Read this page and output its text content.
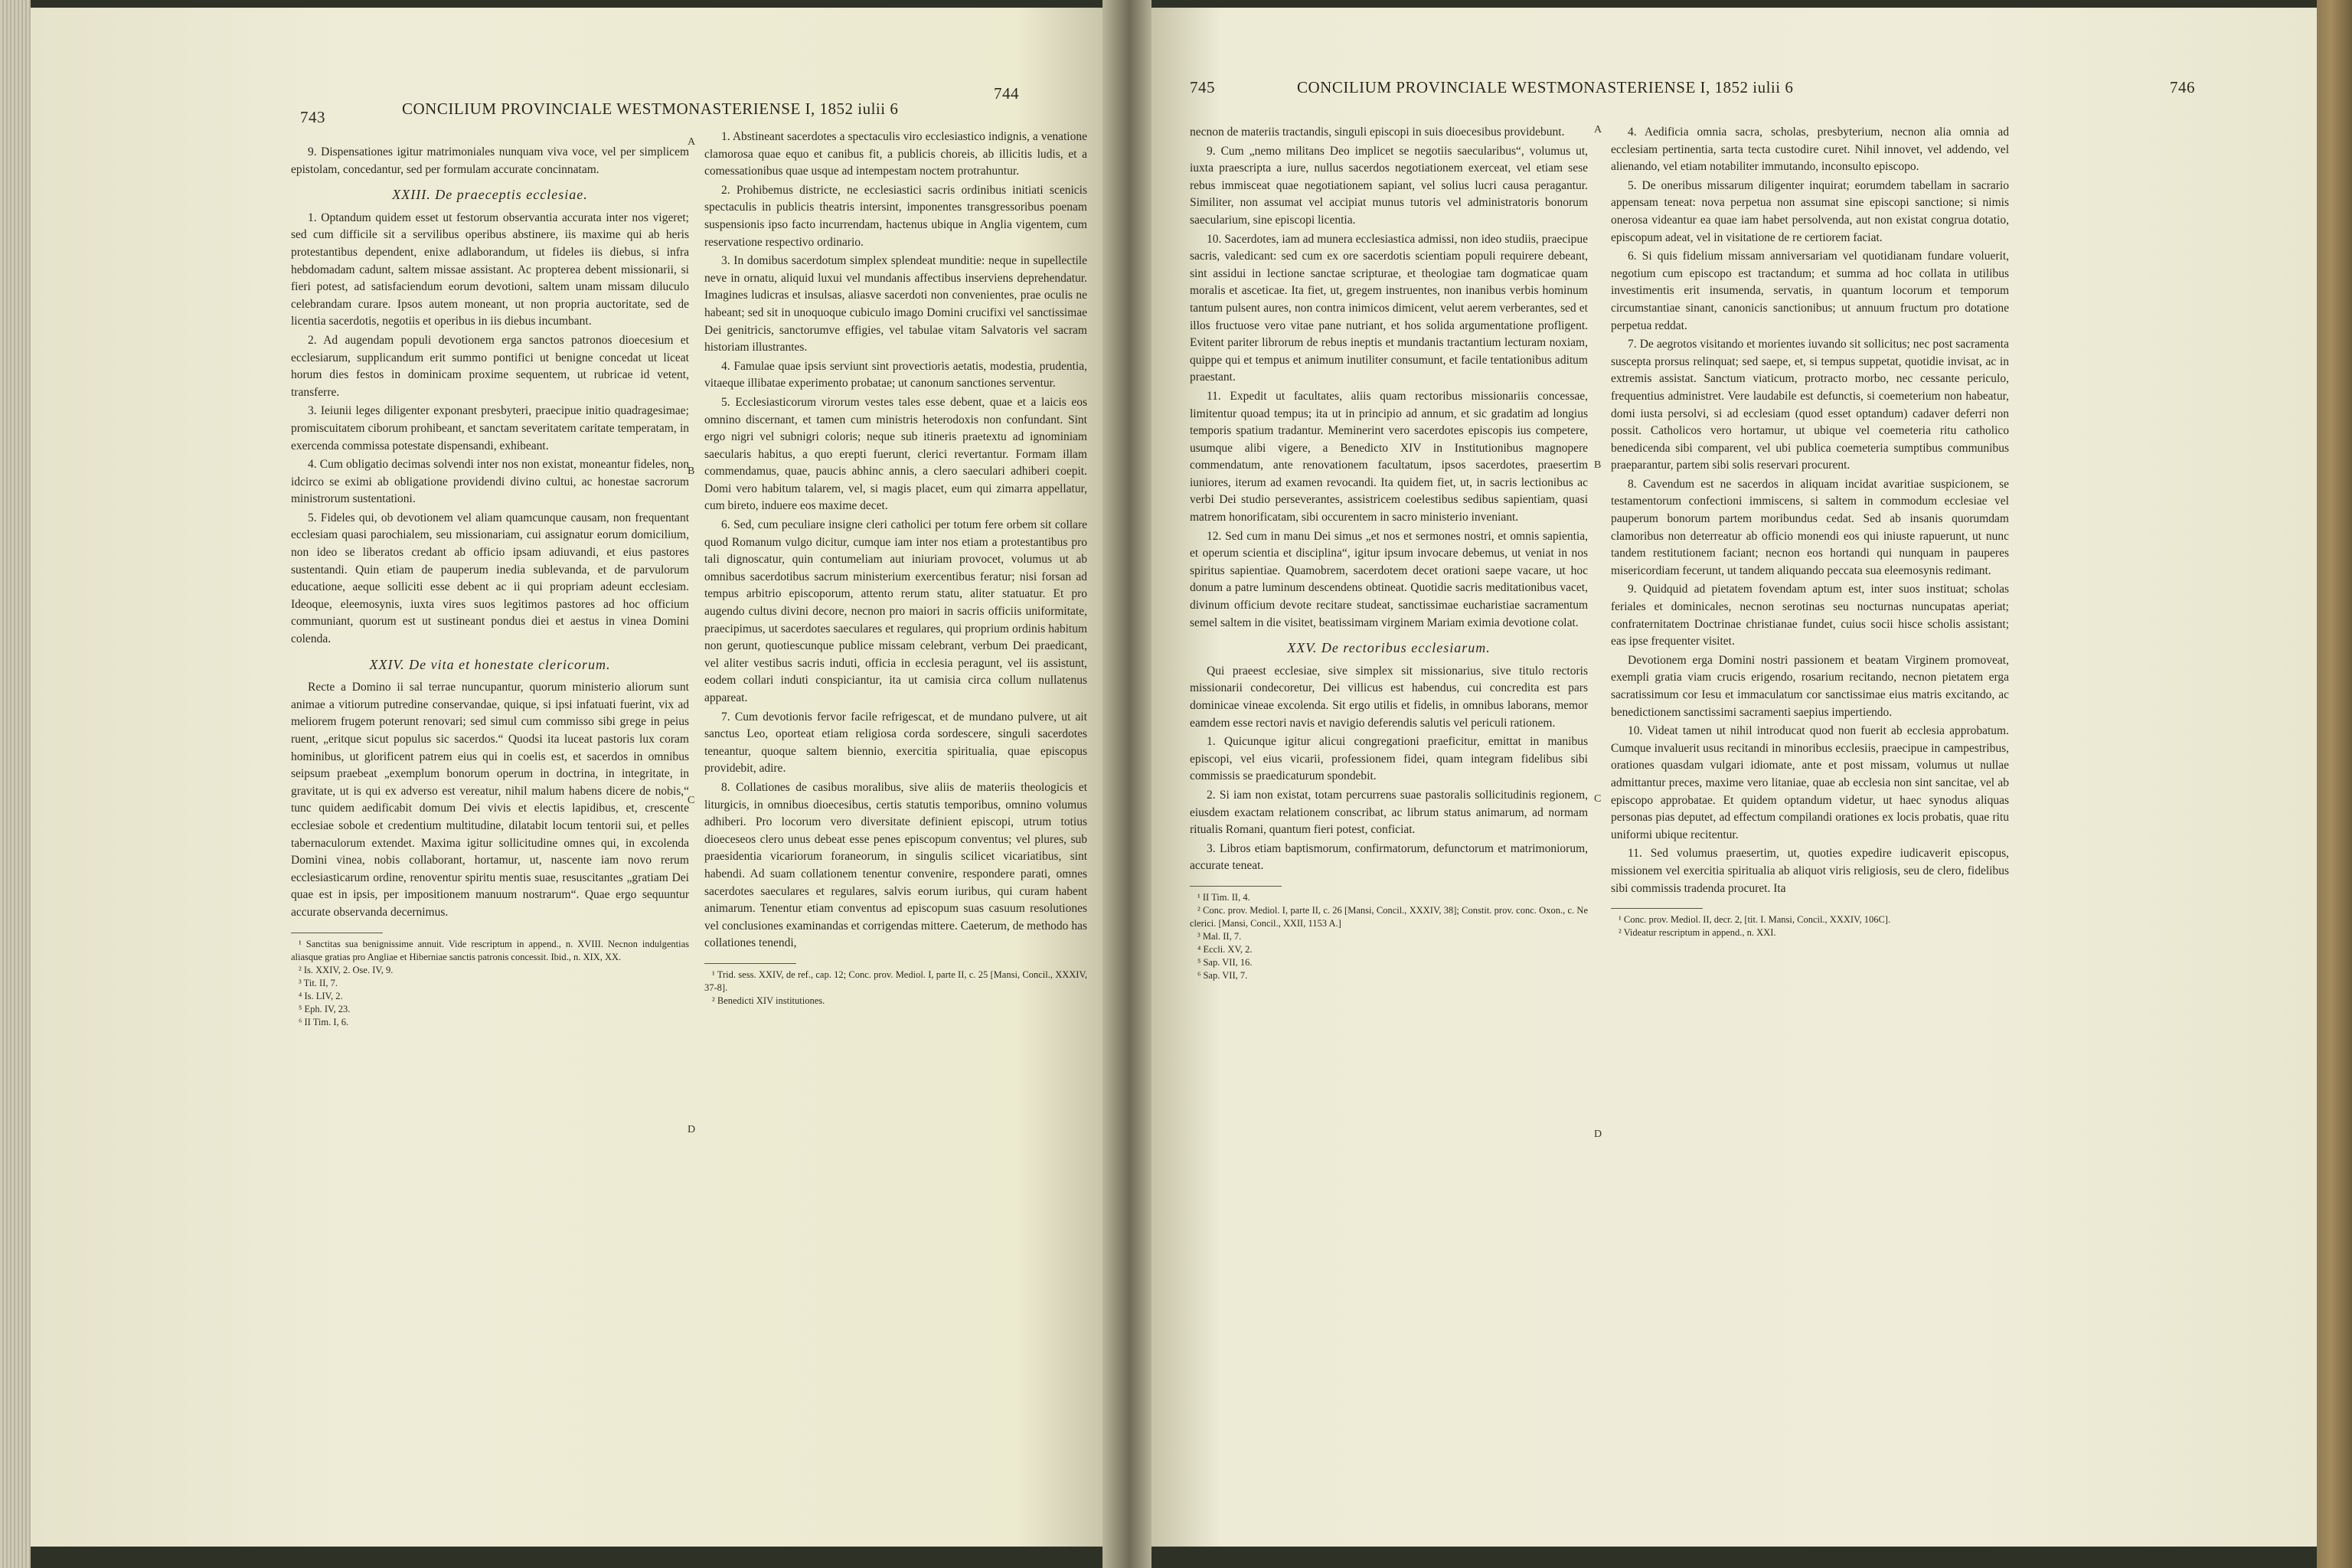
743	CONCILIUM PROVINCIALE WESTMONASTERIENSE I, 1852 iulii 6
744

9. Dispensationes igitur matrimoniales nunquam viva voce, vel per simplicem epistolam, concedantur, sed per formulam accurate concinnatam.

XXIII. De praeceptis ecclesiae.

1. Optandum quidem esset ut festorum observantia accurata inter nos vigeret; sed cum difficile sit a servilibus operibus abstinere, iis maxime qui ab heris protestantibus dependent, enixe adlaborandum, ut fideles iis diebus, si infra hebdomadam cadunt, saltem missae assistant. Ac propterea debent missionarii, si fieri potest, ad satisfaciendum eorum devotioni, saltem unam missam diluculo celebrandam curare. Ipsos autem moneant, ut non propria auctoritate, sed de licentia sacerdotis, negotiis et operibus in iis diebus incumbant.

2. Ad augendam populi devotionem erga sanctos patronos dioecesium et ecclesiarum, supplicandum erit summo pontifici ut benigne concedat ut liceat horum dies festos in dominicam proxime sequentem, ut rubricae id vetent, transferre.

3. Ieiunii leges diligenter exponant presbyteri, praecipue initio quadragesimae; promiscuitatem ciborum prohibeant, et sanctam severitatem caritate temperatam, in exercenda commissa potestate dispensandi, exhibeant.

4. Cum obligatio decimas solvendi inter nos non existat, moneantur fideles, non idcirco se eximi ab obligatione providendi divino cultui, ac honestae sacrorum ministrorum sustentationi.

5. Fideles qui, ob devotionem vel aliam quamcunque causam, non frequentant ecclesiam quasi parochialem, seu missionariam, cui assignatur eorum domicilium, non ideo se liberatos credant ab officio ipsam adiuvandi, et eius pastores sustentandi. Quin etiam de pauperum inedia sublevanda, et de parvulorum educatione, aeque solliciti esse debent ac ii qui propriam adeunt ecclesiam. Ideoque, eleemosynis, iuxta vires suos legitimos pastores ad hoc officium communiant, quorum est ut sustineant pondus diei et aestus in vinea Domini colenda.

XXIV. De vita et honestate clericorum.

Recte a Domino ii sal terrae nuncupantur, quorum ministerio aliorum sunt animae a vitiorum putredine conservandae, quique, si ipsi infatuati fuerint, vix ad meliorem frugem poterunt renovari; sed simul cum commisso sibi grege in peius ruent, „eritque sicut populus sic sacerdos.“ Quodsi ita luceat pastoris lux coram hominibus, ut glorificent patrem eius qui in coelis est, et sacerdos in omnibus seipsum praebeat „exemplum bonorum operum in doctrina, in integritate, in gravitate, ut is qui ex adverso est vereatur, nihil malum habens dicere de nobis,“ tunc quidem aedificabit domum Dei vivis et electis lapidibus, et, crescente ecclesiae sobole et credentium multitudine, dilatabit locum tentorii sui, et pelles tabernaculorum extendet. Maxima igitur sollicitudine omnes qui, in excolenda Domini vinea, nobis collaborant, hortamur, ut, nascente iam novo rerum ecclesiasticarum ordine, renoventur spiritu mentis suae, resuscitantes „gratiam Dei quae est in ipsis, per impositionem manuum nostrarum“. Quae ergo sequuntur accurate observanda decernimus.

¹ Sanctitas sua benignissime annuit. Vide rescriptum in append., n. XVIII. Necnon indulgentias aliasque gratias pro Angliae et Hiberniae sanctis patronis concessit. Ibid., n. XIX, XX.
² Is. XXIV, 2. Ose. IV, 9.
³ Tit. II, 7.
⁴ Is. LIV, 2.
⁵ Eph. IV, 23.
⁶ II Tim. I, 6.

1. Abstineant sacerdotes a spectaculis viro ecclesiastico indignis, a venatione clamorosa quae equo et canibus fit, a publicis choreis, ab illicitis ludis, et a comessationibus quae usque ad intempestam noctem protrahuntur.

2. Prohibemus districte, ne ecclesiastici sacris ordinibus initiati scenicis spectaculis in publicis theatris intersint, imponentes transgressoribus poenam suspensionis ipso facto incurrendam, hactenus ubique in Anglia vigentem, cum reservatione respectivo ordinario.

3. In domibus sacerdotum simplex splendeat munditie: neque in supellectile neve in ornatu, aliquid luxui vel mundanis affectibus inserviens deprehendatur. Imagines ludicras et insulsas, aliasve sacerdoti non convenientes, prae oculis ne habeant; sed sit in unoquoque cubiculo imago Domini crucifixi vel sanctissimae Dei genitricis, sanctorumve effigies, vel tabulae vitam Salvatoris vel sacram historiam illustrantes.

4. Famulae quae ipsis serviunt sint provectioris aetatis, modestia, prudentia, vitaeque illibatae experimento probatae; ut canonum sanctiones serventur.

5. Ecclesiasticorum virorum vestes tales esse debent, quae et a laicis eos omnino discernant, et tamen cum ministris heterodoxis non confundant. Sint ergo nigri vel subnigri coloris; neque sub itineris praetextu ad ignominiam saecularis habitus, a quo erepti fuerunt, clerici revertantur. Formam illam commendamus, quae, paucis abhinc annis, a clero saeculari adhiberi coepit. Domi vero habitum talarem, vel, si magis placet, eum qui zimarra appellatur, cum bireto, induere eos maxime decet.

6. Sed, cum peculiare insigne cleri catholici per totum fere orbem sit collare quod Romanum vulgo dicitur, cumque iam inter nos etiam a protestantibus pro tali dignoscatur, quin contumeliam aut iniuriam provocet, volumus ut ab omnibus sacerdotibus sacrum ministerium exercentibus feratur; nisi forsan ad tempus arbitrio episcoporum, attento rerum statu, aliter statuatur. Et pro augendo cultus divini decore, necnon pro maiori in sacris officiis uniformitate, praecipimus, ut sacerdotes saeculares et regulares, qui proprium ordinis habitum non gerunt, quotiescunque publice missam celebrant, verbum Dei praedicant, vel aliter vestibus sacris induti, officia in ecclesia peragunt, vel iis assistunt, eodem collari induti conspiciantur, ita ut camisia circa collum nullatenus appareat.

7. Cum devotionis fervor facile refrigescat, et de mundano pulvere, ut ait sanctus Leo, oporteat etiam religiosa corda sordescere, singuli sacerdotes teneantur, quoque saltem biennio, exercitia spiritualia, quae episcopus providebit, adire.

8. Collationes de casibus moralibus, sive aliis de materiis theologicis et liturgicis, in omnibus dioecesibus, certis statutis temporibus, omnino volumus adhiberi. Pro locorum vero diversitate definient episcopi, utrum totius dioeceseos clero unus debeat esse penes episcopum conventus; vel plures, sub praesidentia vicariorum foraneorum, in singulis scilicet vicariatibus, sint habendi. Ad suam collationem tenentur convenire, respondere parati, omnes sacerdotes saeculares et regulares, salvis eorum iuribus, qui curam habent animarum. Tenentur etiam conventus ad episcopum suas casuum resolutiones vel conclusiones examinandas et corrigendas mittere. Caeterum, de methodo has collationes tenendi,

¹ Trid. sess. XXIV, de ref., cap. 12; Conc. prov. Mediol. I, parte II, c. 25 [Mansi, Concil., XXXIV, 37-8].
² Benedicti XIV institutiones.
A
B
C
D
745	CONCILIUM PROVINCIALE WESTMONASTERIENSE I, 1852 iulii 6	746

necnon de materiis tractandis, singuli episcopi in suis dioecesibus providebunt.

9. Cum „nemo militans Deo implicet se negotiis saecularibus“, volumus ut, iuxta praescripta a iure, nullus sacerdos negotiationem exerceat, vel etiam sese rebus immisceat quae negotiationem sapiant, vel solius lucri causa peragantur. Similiter, non assumat vel accipiat munus tutoris vel administratoris bonorum saecularium, sine episcopi licentia.

10. Sacerdotes, iam ad munera ecclesiastica admissi, non ideo studiis, praecipue sacris, valedicant: sed cum ex ore sacerdotis scientiam populi requirere debeant, sint assidui in lectione sanctae scripturae, et theologiae tam dogmaticae quam moralis et asceticae. Ita fiet, ut, gregem instruentes, non inanibus verbis hominum tantum pulsent aures, non contra inimicos dimicent, velut aerem verberantes, sed et illos fructuose vero vitae pane nutriant, et hos solida argumentatione profligent. Evitent pariter librorum de rebus ineptis et mundanis tractantium lecturam noxiam, quippe qui et tempus et animum inutiliter consumunt, et facile tentationibus aditum praestant.

11. Expedit ut facultates, aliis quam rectoribus missionariis concessae, limitentur quoad tempus; ita ut in principio ad annum, et sic gradatim ad longius temporis spatium tradantur. Meminerint vero sacerdotes episcopis ius competere, usumque alibi vigere, a Benedicto XIV in Institutionibus magnopere commendatum, ante renovationem facultatum, ipsos sacerdotes, praesertim iuniores, iterum ad examen revocandi. Ita quidem fiet, ut, in sacris lectionibus ac verbi Dei studio perseverantes, assistricem coelestibus sedibus sapientiam, quasi matrem honorificatam, sibi occurentem in sacro ministerio inveniant.

12. Sed cum in manu Dei simus „et nos et sermones nostri, et omnis sapientia, et operum scientia et disciplina“, igitur ipsum invocare debemus, ut veniat in nos spiritus sapientiae. Quamobrem, sacerdotem decet orationi saepe vacare, ut hoc donum a patre luminum descendens obtineat. Quotidie sacris meditationibus vacet, divinum officium devote recitare studeat, sanctissimae eucharistiae sacramentum semel saltem in die visitet, beatissimam virginem Mariam eximia devotione colat.

XXV. De rectoribus ecclesiarum.

Qui praeest ecclesiae, sive simplex sit missionarius, sive titulo rectoris missionarii condecoretur, Dei villicus est habendus, cui concredita est pars dominicae vineae excolenda. Sit ergo utilis et fidelis, in omnibus laborans, memor eamdem esse rectori navis et navigio deferendis salutis vel periculi rationem.

1. Quicunque igitur alicui congregationi praeficitur, emittat in manibus episcopi, vel eius vicarii, professionem fidei, quam integram fidelibus sibi commissis se praedicaturum spondebit.

2. Si iam non existat, totam percurrens suae pastoralis sollicitudinis regionem, eiusdem exactam relationem conscribat, ac librum status animarum, ad normam ritualis Romani, quantum fieri potest, conficiat.

3. Libros etiam baptismorum, confirmatorum, defunctorum et matrimoniorum, accurate teneat.

¹ II Tim. II, 4.
² Conc. prov. Mediol. I, parte II, c. 26 [Mansi, Concil., XXXIV, 38]; Constit. prov. conc. Oxon., c. Ne clerici. [Mansi, Concil., XXII, 1153 A.]
³ Mal. II, 7.
⁴ Eccli. XV, 2.
⁵ Sap. VII, 16.
⁶ Sap. VII, 7.

4. Aedificia omnia sacra, scholas, presbyterium, necnon alia omnia ad ecclesiam pertinentia, sarta tecta custodire curet. Nihil innovet, vel addendo, vel alienando, vel etiam notabiliter immutando, inconsulto episcopo.

5. De oneribus missarum diligenter inquirat; eorumdem tabellam in sacrario appensam teneat: nova perpetua non assumat sine episcopi sanctione; si nimis onerosa videantur ea quae iam habet persolvenda, aut non existat congrua dotatio, episcopum adeat, vel in visitatione de re certiorem faciat.

6. Si quis fidelium missam anniversariam vel quotidianam fundare voluerit, negotium cum episcopo est tractandum; et summa ad hoc collata in utilibus investimentis erit insumenda, servatis, in quantum locorum et temporum circumstantiae sinant, canonicis sanctionibus; ut annuum fructum pro dotatione perpetua reddat.

7. De aegrotos visitando et morientes iuvando sit sollicitus; nec post sacramenta suscepta prorsus relinquat; sed saepe, et, si tempus suppetat, quotidie invisat, ac in extremis assistat. Sanctum viaticum, protracto morbo, nec cessante periculo, frequentius administret. Vere laudabile est defunctis, si coemeterium non habeatur, domi iusta persolvi, si ad ecclesiam (quod esset optandum) cadaver deferri non possit. Catholicos vero hortamur, ut ubique vel coemeteria ritu catholico benedicenda sibi comparent, vel ubi publica coemeteria sumptibus communibus praeparantur, partem sibi solis reservari procurent.

8. Cavendum est ne sacerdos in aliquam incidat avaritiae suspicionem, se testamentorum confectioni immiscens, si saltem in commodum ecclesiae vel pauperum bonorum partem moribundus cedat. Sed ab insanis quorumdam clamoribus non deterreatur ab officio monendi eos qui iniuste rapuerunt, ut nunc tandem restitutionem faciant; necnon eos hortandi qui nunquam in pauperes misericordiam fecerunt, ut tandem aliquando peccata sua eleemosynis redimant.

9. Quidquid ad pietatem fovendam aptum est, inter suos instituat; scholas feriales et dominicales, necnon serotinas seu nocturnas nuncupatas aperiat; confraternitatem Doctrinae christianae fundet, cuius socii hisce scholis assistant; eas ipse frequenter visitet.

Devotionem erga Domini nostri passionem et beatam Virginem promoveat, exempli gratia viam crucis erigendo, rosarium recitando, necnon pietatem erga sacratissimum cor Iesu et immaculatum cor sanctissimae eius matris excitando, ac benedictionem sanctissimi sacramenti saepius impertiendo.

10. Videat tamen ut nihil introducat quod non fuerit ab ecclesia approbatum. Cumque invaluerit usus recitandi in minoribus ecclesiis, praecipue in campestribus, orationes quasdam vulgari idiomate, ante et post missam, volumus ut nullae admittantur preces, maxime vero litaniae, quae ab ecclesia non sint sancitae, vel ab episcopo approbatae. Et quidem optandum videtur, ut haec synodus aliquas personas pias deputet, ad effectum compilandi orationes ex locis probatis, quae ritu uniformi ubique recitentur.

11. Sed volumus praesertim, ut, quoties expedire iudicaverit episcopus, missionem vel exercitia spiritualia ab aliquot viris religiosis, seu de clero, fidelibus sibi commissis tradenda procuret. Ita

¹ Conc. prov. Mediol. II, decr. 2, [tit. I. Mansi, Concil., XXXIV, 106C].
² Videatur rescriptum in append., n. XXI.
A
B
C
D
